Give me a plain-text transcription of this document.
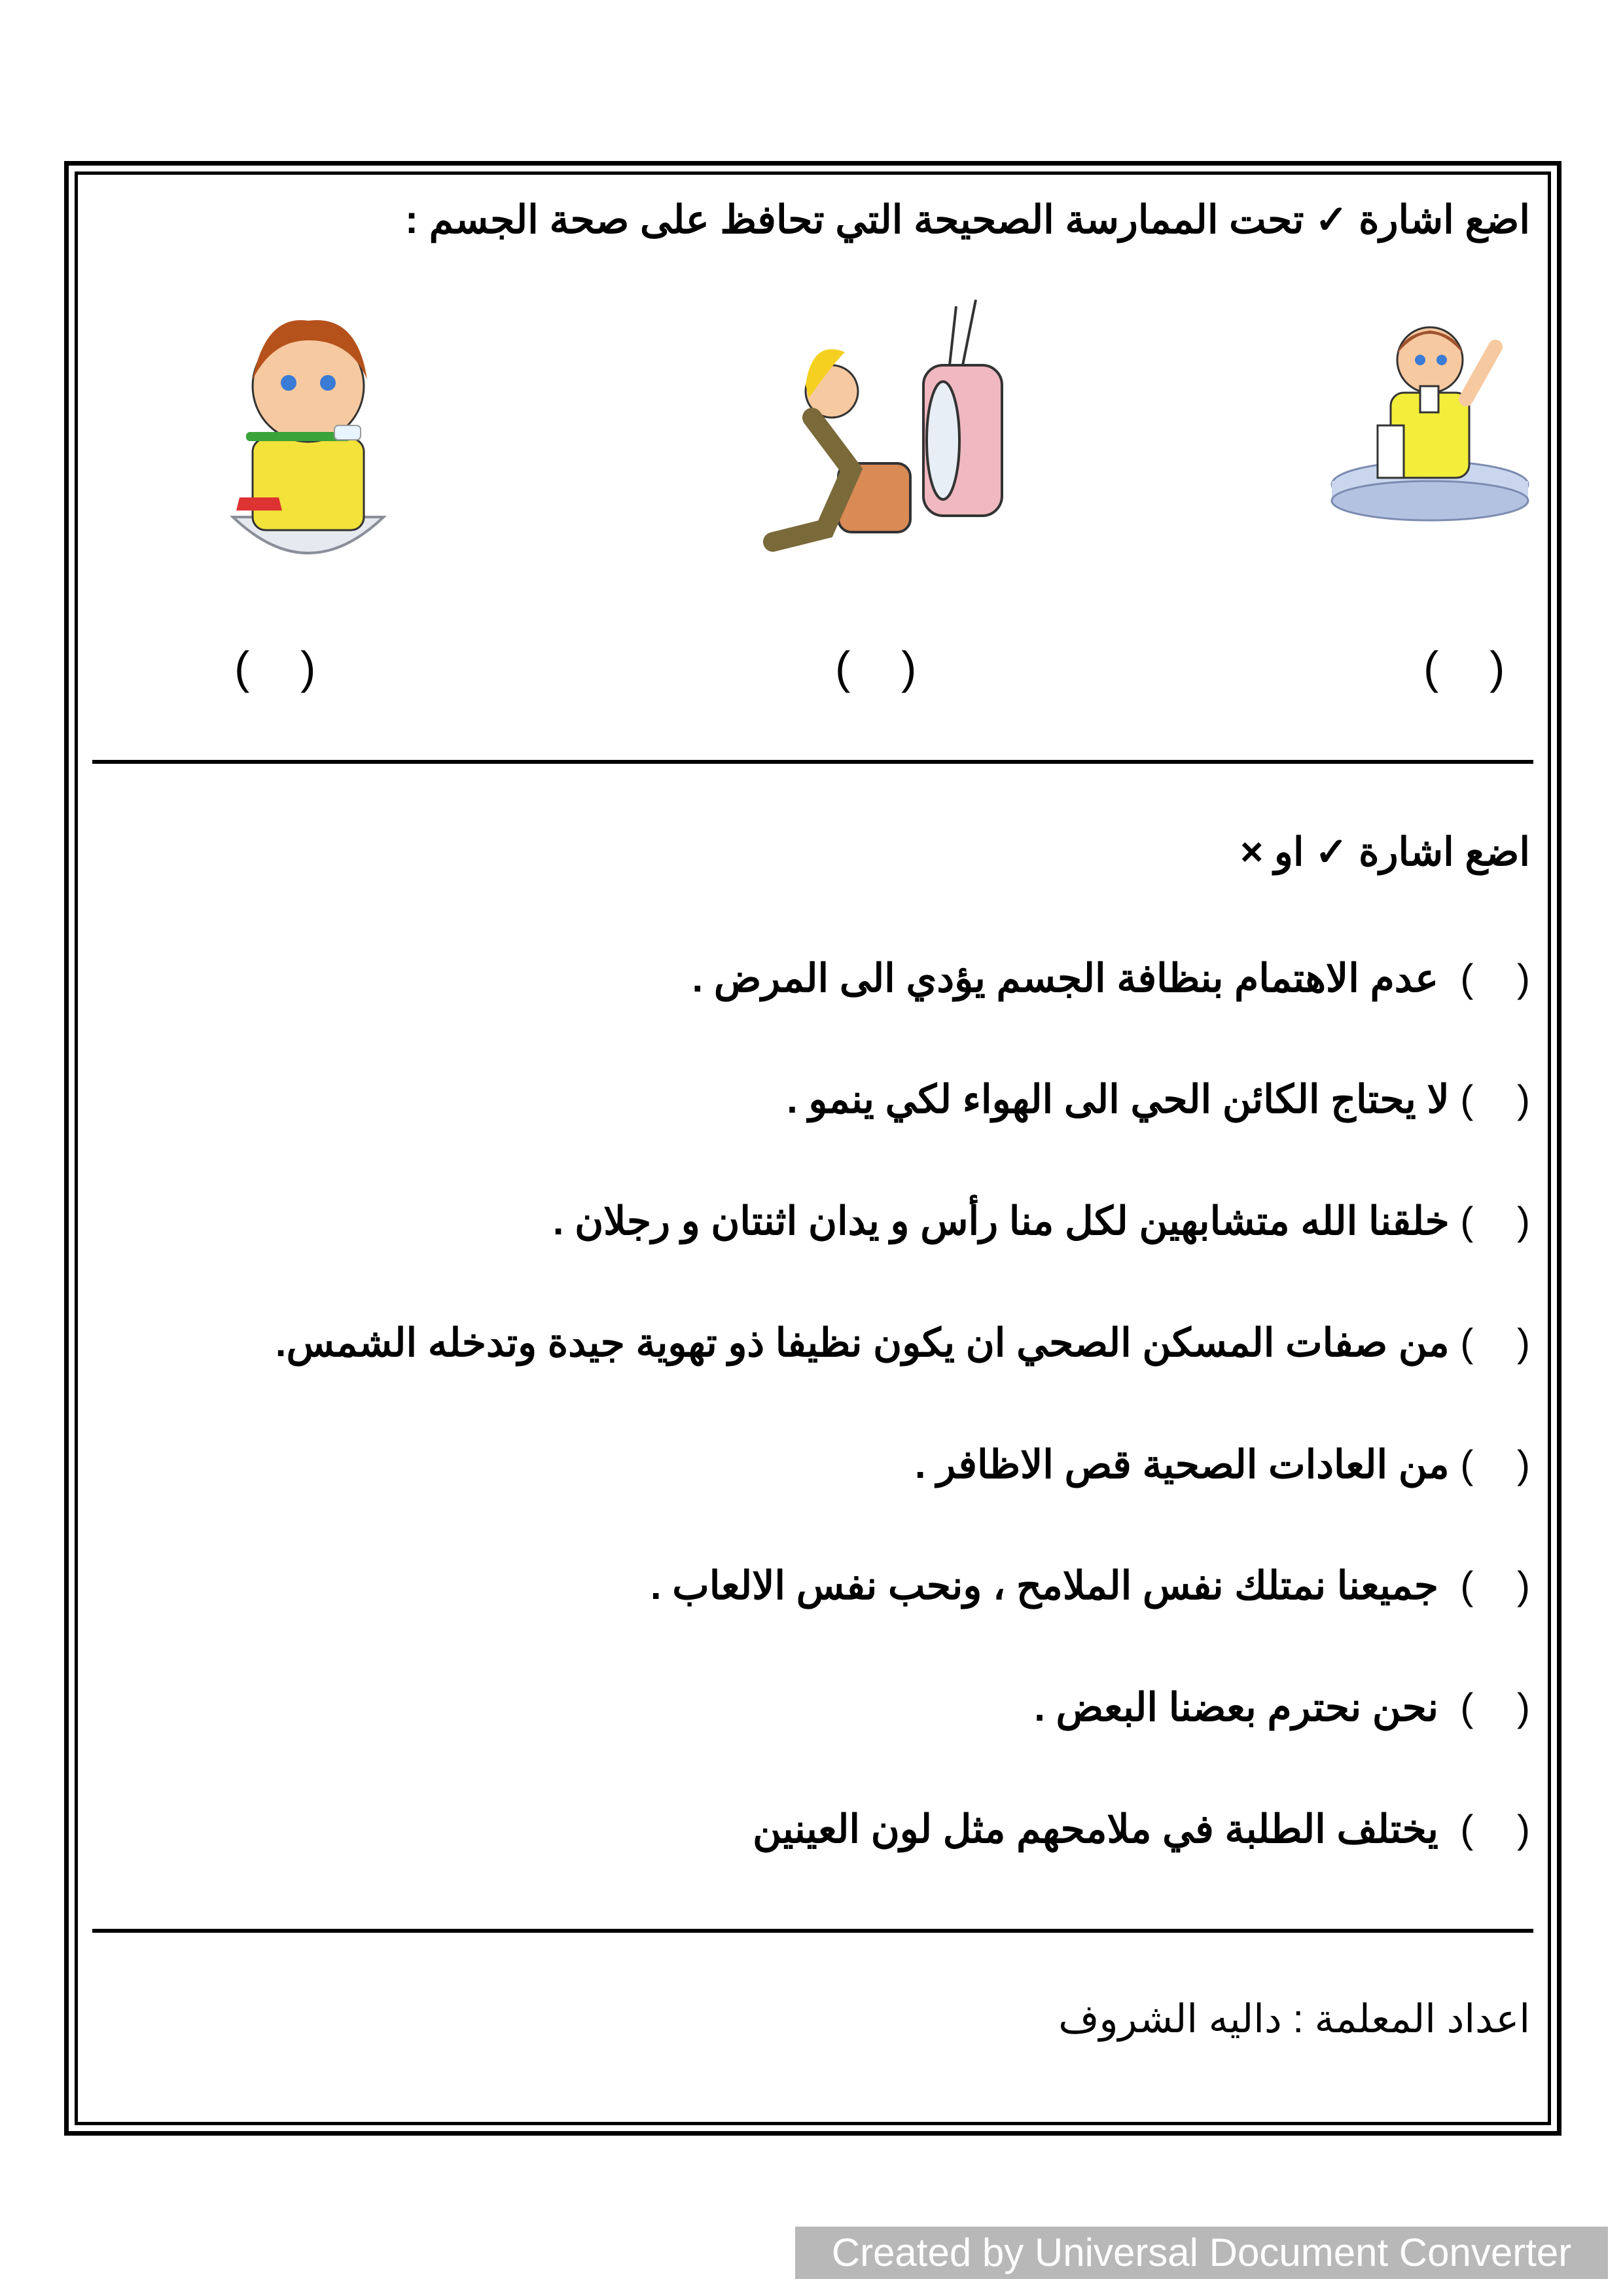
اضع اشارة ✓ تحت الممارسة الصحيحة التي تحافظ على صحة الجسم :
(    )
(    )
(    )
اضع اشارة ✓ او ×
(    )  عدم الاهتمام بنظافة الجسم يؤدي الى المرض .
(    ) لا يحتاج الكائن الحي الى الهواء لكي ينمو .
(    ) خلقنا الله متشابهين لكل منا رأس و يدان اثنتان و رجلان .
(    ) من صفات المسكن الصحي ان يكون نظيفا ذو تهوية جيدة وتدخله الشمس.
(    ) من العادات الصحية قص الاظافر .
(    )  جميعنا نمتلك نفس الملامح ، ونحب نفس الالعاب .
(    )  نحن نحترم بعضنا البعض .
(    )  يختلف الطلبة في ملامحهم مثل لون العينين
اعداد المعلمة : داليه الشروف
Created by Universal Document Converter
